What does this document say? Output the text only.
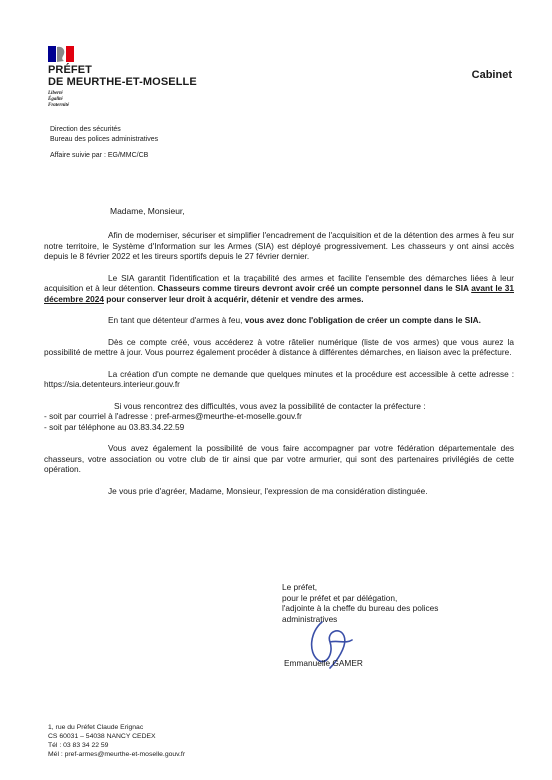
PRÉFET
DE MEURTHE-ET-MOSELLE
Liberté
Égalité
Fraternité
Cabinet
Direction des sécurités
Bureau des polices administratives
Affaire suivie par : EG/MMC/CB
Madame, Monsieur,

Afin de moderniser, sécuriser et simplifier l'encadrement de l'acquisition et de la détention des armes à feu sur notre territoire, le Système d'Information sur les Armes (SIA) est déployé progressivement. Les chasseurs y ont ainsi accès depuis le 8 février 2022 et les tireurs sportifs depuis le 27 février dernier.

Le SIA garantit l'identification et la traçabilité des armes et facilite l'ensemble des démarches liées à leur acquisition et à leur détention. Chasseurs comme tireurs devront avoir créé un compte personnel dans le SIA avant le 31 décembre 2024 pour conserver leur droit à acquérir, détenir et vendre des armes.

En tant que détenteur d'armes à feu, vous avez donc l'obligation de créer un compte dans le SIA.

Dès ce compte créé, vous accéderez à votre râtelier numérique (liste de vos armes) que vous aurez la possibilité de mettre à jour. Vous pourrez également procéder à distance à différentes démarches, en liaison avec la préfecture.

La création d'un compte ne demande que quelques minutes et la procédure est accessible à cette adresse : https://sia.detenteurs.interieur.gouv.fr

Si vous rencontrez des difficultés, vous avez la possibilité de contacter la préfecture :
- soit par courriel à l'adresse : pref-armes@meurthe-et-moselle.gouv.fr
- soit par téléphone au 03.83.34.22.59

Vous avez également la possibilité de vous faire accompagner par votre fédération départementale des chasseurs, votre association ou votre club de tir ainsi que par votre armurier, qui sont des partenaires privilégiés de cette opération.

Je vous prie d'agréer, Madame, Monsieur, l'expression de ma considération distinguée.

Le préfet,
pour le préfet et par délégation,
l'adjointe à la cheffe du bureau des polices
administratives
Emmanuelle GAMER
1, rue du Préfet Claude Erignac
CS 60031 – 54038 NANCY CEDEX
Tél : 03 83 34 22 59
Mél : pref-armes@meurthe-et-moselle.gouv.fr
